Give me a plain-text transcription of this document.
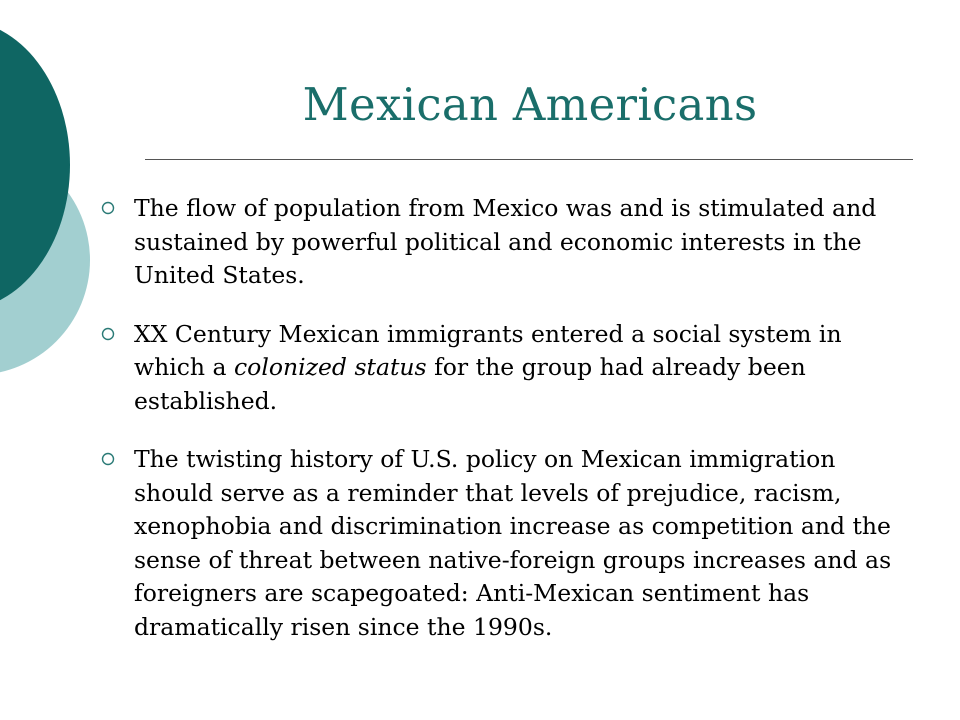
Mexican Americans
The flow of population from Mexico was and is stimulated and sustained by powerful political and economic interests in the United States.
XX Century Mexican immigrants entered a social system in which a colonized status for the group had already been established.
The twisting history of U.S. policy on Mexican immigration should serve as a reminder that levels of prejudice, racism, xenophobia and discrimination increase as competition and the sense of threat between native-foreign groups increases and as foreigners are scapegoated: Anti-Mexican sentiment has dramatically risen since the 1990s.
